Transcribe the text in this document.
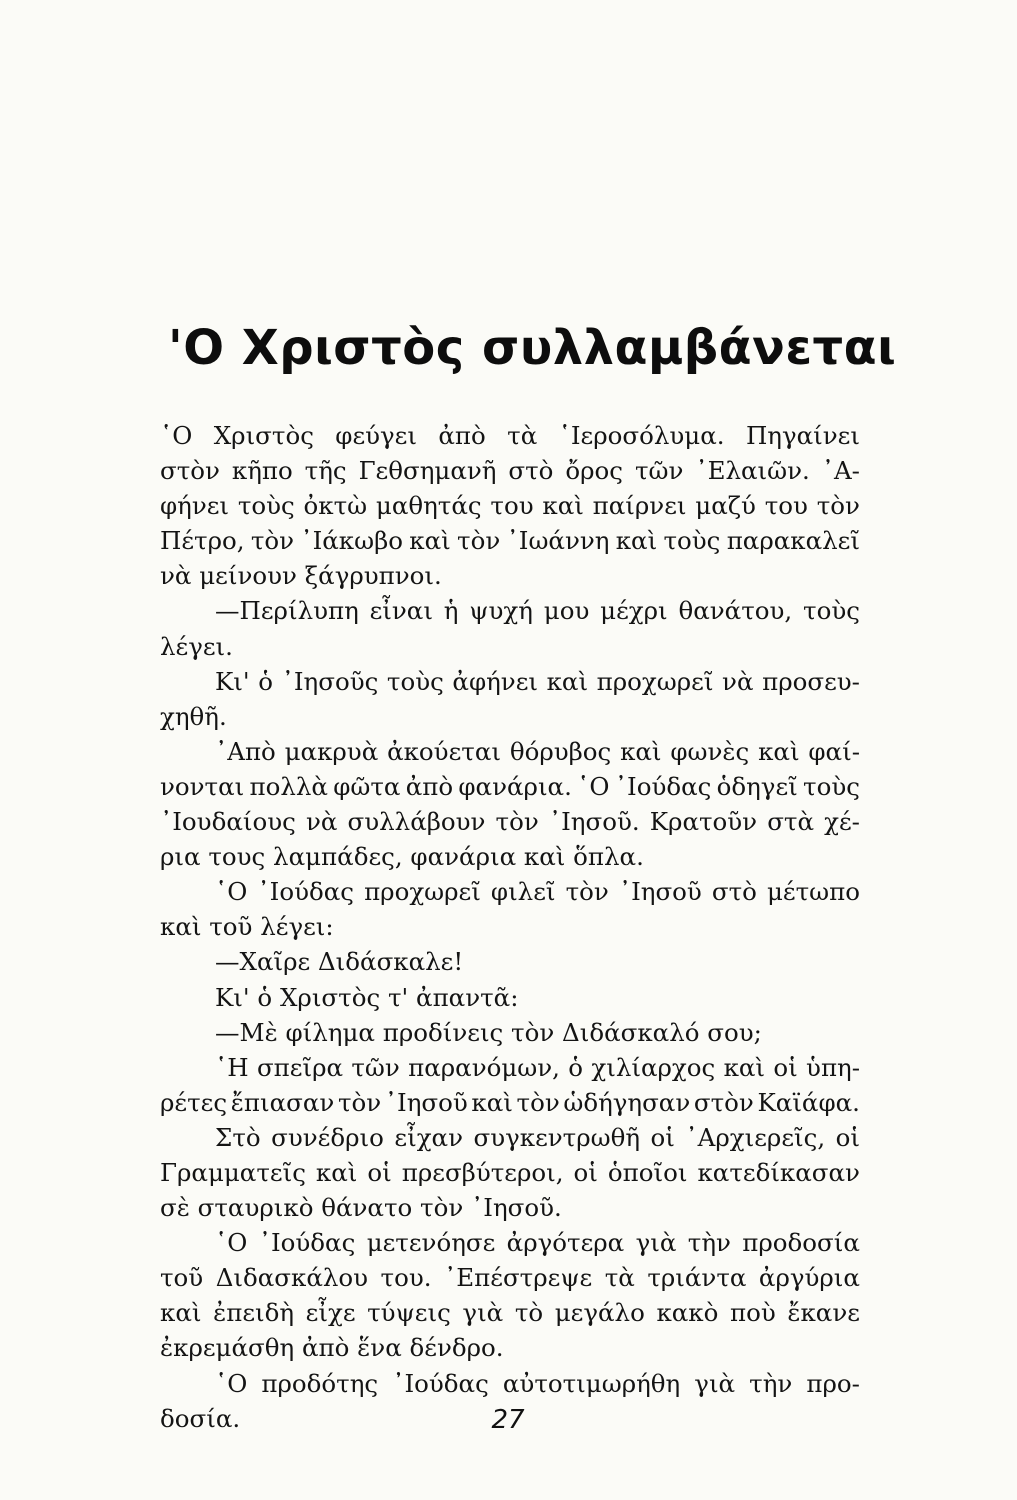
'Ο Χριστὸς συλλαμβάνεται
῾Ο Χριστὸς φεύγει ἀπὸ τὰ ῾Ιεροσόλυμα. Πηγαίνει
στὸν κῆπο τῆς Γεθσημανῆ στὸ ὄρος τῶν ᾿Ελαιῶν. ᾿Α-
φήνει τοὺς ὀκτὼ μαθητάς του καὶ παίρνει μαζύ του τὸν
Πέτρο, τὸν ᾿Ιάκωβο καὶ τὸν ᾿Ιωάννη καὶ τοὺς παρακαλεῖ
νὰ μείνουν ξάγρυπνοι.
—Περίλυπη εἶναι ἡ ψυχή μου μέχρι θανάτου, τοὺς
λέγει.
Κι' ὁ ᾿Ιησοῦς τοὺς ἀφήνει καὶ προχωρεῖ νὰ προσευ-
χηθῆ.
᾿Απὸ μακρυὰ ἀκούεται θόρυβος καὶ φωνὲς καὶ φαί-
νονται πολλὰ φῶτα ἀπὸ φανάρια. ῾Ο ᾿Ιούδας ὁδηγεῖ τοὺς
᾿Ιουδαίους νὰ συλλάβουν τὸν ᾿Ιησοῦ. Κρατοῦν στὰ χέ-
ρια τους λαμπάδες, φανάρια καὶ ὅπλα.
῾Ο ᾿Ιούδας προχωρεῖ φιλεῖ τὸν ᾿Ιησοῦ στὸ μέτωπο
καὶ τοῦ λέγει:
—Χαῖρε Διδάσκαλε!
Κι' ὁ Χριστὸς τ' ἀπαντᾶ:
—Μὲ φίλημα προδίνεις τὸν Διδάσκαλό σου;
῾Η σπεῖρα τῶν παρανόμων, ὁ χιλίαρχος καὶ οἱ ὑπη-
ρέτες ἔπιασαν τὸν ᾿Ιησοῦ καὶ τὸν ὡδήγησαν στὸν Καϊάφα.
Στὸ συνέδριο εἶχαν συγκεντρωθῆ οἱ ᾿Αρχιερεῖς, οἱ
Γραμματεῖς καὶ οἱ πρεσβύτεροι, οἱ ὁποῖοι κατεδίκασαν
σὲ σταυρικὸ θάνατο τὸν ᾿Ιησοῦ.
῾Ο ᾿Ιούδας μετενόησε ἀργότερα γιὰ τὴν προδοσία
τοῦ Διδασκάλου του. ᾿Επέστρεψε τὰ τριάντα ἀργύρια
καὶ ἐπειδὴ εἶχε τύψεις γιὰ τὸ μεγάλο κακὸ ποὺ ἔκανε
ἐκρεμάσθη ἀπὸ ἕνα δένδρο.
῾Ο προδότης ᾿Ιούδας αὐτοτιμωρήθη γιὰ τὴν προ-
δοσία.	27
